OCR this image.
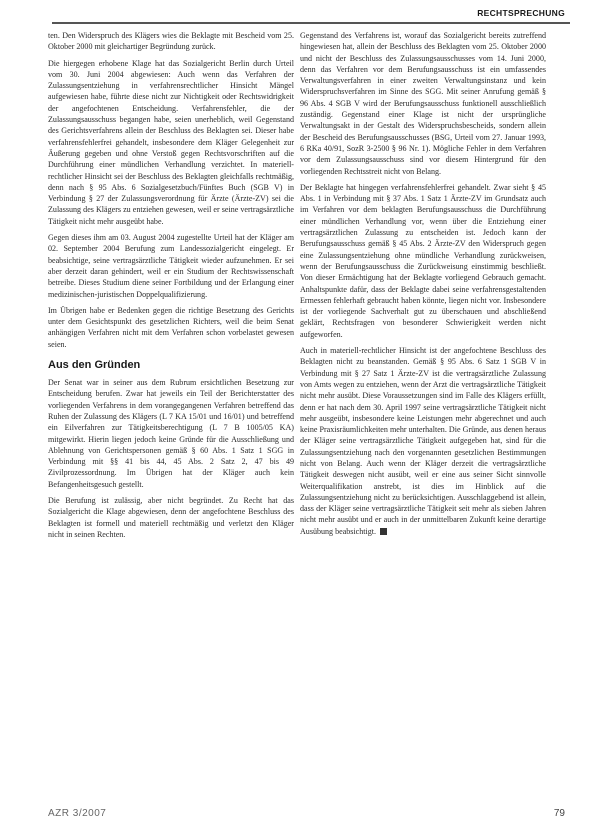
RECHTSPRECHUNG

ten. Den Widerspruch des Klägers wies die Beklagte mit Bescheid vom 25. Oktober 2000 mit gleichartiger Begründung zurück.

Die hiergegen erhobene Klage hat das Sozialgericht Berlin durch Urteil vom 30. Juni 2004 abgewiesen: Auch wenn das Verfahren der Zulassungsentziehung in verfahrensrechtlicher Hinsicht Mängel aufgewiesen habe, führte diese nicht zur Nichtigkeit oder Rechtswidrigkeit der angefochtenen Entscheidung. Verfahrensfehler, die der Zulassungsausschuss begangen habe, seien unerheblich, weil Gegenstand des Gerichtsverfahrens allein der Beschluss des Beklagten sei. Dieser habe verfahrensfehlerfrei gehandelt, insbesondere dem Kläger Gelegenheit zur Äußerung gegeben und ohne Verstoß gegen Rechtsvorschriften auf die Durchführung einer mündlichen Verhandlung verzichtet. In materiell-rechtlicher Hinsicht sei der Beschluss des Beklagten gleichfalls rechtmäßig, denn nach § 95 Abs. 6 Sozialgesetzbuch/Fünftes Buch (SGB V) in Verbindung § 27 der Zulassungsverordnung für Ärzte (Ärzte-ZV) sei die Zulassung des Klägers zu entziehen gewesen, weil er seine vertragsärztliche Tätigkeit nicht mehr ausgeübt habe.

Gegen dieses ihm am 03. August 2004 zugestellte Urteil hat der Kläger am 02. September 2004 Berufung zum Landessozialgericht eingelegt. Er beabsichtige, seine vertragsärztliche Tätigkeit wieder aufzunehmen. Er sei aber derzeit daran gehindert, weil er ein Studium der Rechtswissenschaft betreibe. Dieses Studium diene seiner Fortbildung und der Erlangung einer medizinischen-juristischen Doppelqualifizierung.

Im Übrigen habe er Bedenken gegen die richtige Besetzung des Gerichts unter dem Gesichtspunkt des gesetzlichen Richters, weil die beim Senat anhängigen Verfahren nicht mit dem Verfahren schon vorbelastet gewesen seien.

Aus den Gründen

Der Senat war in seiner aus dem Rubrum ersichtlichen Besetzung zur Entscheidung berufen. Zwar hat jeweils ein Teil der Berichterstatter des vorliegenden Verfahrens in dem vorangegangenen Verfahren betreffend das Ruhen der Zulassung des Klägers (L 7 KA 15/01 und 16/01) und betreffend ein Eilverfahren zur Tätigkeitsberechtigung (L 7 B 1005/05 KA) mitgewirkt. Hierin liegen jedoch keine Gründe für die Ausschließung und Ablehnung von Gerichtspersonen gemäß § 60 Abs. 1 Satz 1 SGG in Verbindung mit §§ 41 bis 44, 45 Abs. 2 Satz 2, 47 bis 49 Zivilprozessordnung. Im Übrigen hat der Kläger auch kein Befangenheitsgesuch gestellt.

Die Berufung ist zulässig, aber nicht begründet. Zu Recht hat das Sozialgericht die Klage abgewiesen, denn der angefochtene Beschluss des Beklagten ist formell und materiell rechtmäßig und verletzt den Kläger nicht in seinen Rechten.

Gegenstand des Verfahrens ist, worauf das Sozialgericht bereits zutreffend hingewiesen hat, allein der Beschluss des Beklagten vom 25. Oktober 2000 und nicht der Beschluss des Zulassungsausschusses vom 14. Juni 2000, denn das Verfahren vor dem Berufungsausschuss ist ein umfassendes Verwaltungsverfahren in einer zweiten Verwaltungsinstanz und kein Widerspruchsverfahren im Sinne des SGG. Mit seiner Anrufung gemäß § 96 Abs. 4 SGB V wird der Berufungsausschuss funktionell ausschließlich zuständig. Gegenstand einer Klage ist nicht der ursprüngliche Verwaltungsakt in der Gestalt des Widerspruchsbescheids, sondern allein der Bescheid des Berufungsausschusses (BSG, Urteil vom 27. Januar 1993, 6 RKa 40/91, SozR 3-2500 § 96 Nr. 1). Mögliche Fehler in dem Verfahren vor dem Zulassungsausschuss sind vor diesem Hintergrund für den vorliegenden Rechtsstreit nicht von Belang.

Der Beklagte hat hingegen verfahrensfehlerfrei gehandelt. Zwar sieht § 45 Abs. 1 in Verbindung mit § 37 Abs. 1 Satz 1 Ärzte-ZV im Grundsatz auch im Verfahren vor dem beklagten Berufungsausschuss die Durchführung einer mündlichen Verhandlung vor, wenn über die Entziehung einer vertragsärztlichen Zulassung zu entscheiden ist. Jedoch kann der Berufungsausschuss gemäß § 45 Abs. 2 Ärzte-ZV den Widerspruch gegen eine Zulassungsentziehung ohne mündliche Verhandlung zurückweisen, wenn der Berufungsausschuss die Zurückweisung einstimmig beschließt. Von dieser Ermächtigung hat der Beklagte vorliegend Gebrauch gemacht. Anhaltspunkte dafür, dass der Beklagte dabei seine verfahrensgestaltenden Ermessen fehlerhaft gebraucht haben könnte, liegen nicht vor. Insbesondere ist der vorliegende Sachverhalt gut zu überschauen und abschließend geklärt, Rechtsfragen von besonderer Schwierigkeit werden nicht aufgeworfen.

Auch in materiell-rechtlicher Hinsicht ist der angefochtene Beschluss des Beklagten nicht zu beanstanden. Gemäß § 95 Abs. 6 Satz 1 SGB V in Verbindung mit § 27 Satz 1 Ärzte-ZV ist die vertragsärztliche Zulassung von Amts wegen zu entziehen, wenn der Arzt die vertragsärztliche Tätigkeit nicht mehr ausübt. Diese Voraussetzungen sind im Falle des Klägers erfüllt, denn er hat nach dem 30. April 1997 seine vertragsärztliche Tätigkeit nicht mehr ausgeübt, insbesondere keine Leistungen mehr abgerechnet und auch keine Praxisräumlichkeiten mehr unterhalten. Die Gründe, aus denen heraus der Kläger seine vertragsärztliche Tätigkeit aufgegeben hat, sind für die Zulassungsentziehung nach den vorgenannten gesetzlichen Bestimmungen nicht von Belang. Auch wenn der Kläger derzeit die vertragsärztliche Tätigkeit deswegen nicht ausübt, weil er eine aus seiner Sicht sinnvolle Weiterqualifikation anstrebt, ist dies im Hinblick auf die Zulassungsentziehung nicht zu berücksichtigen. Ausschlaggebend ist allein, dass der Kläger seine vertragsärztliche Tätigkeit seit mehr als sieben Jahren nicht mehr ausübt und er auch in der unmittelbaren Zukunft keine derartige Ausübung beabsichtigt.

AZR 3/2007	79
